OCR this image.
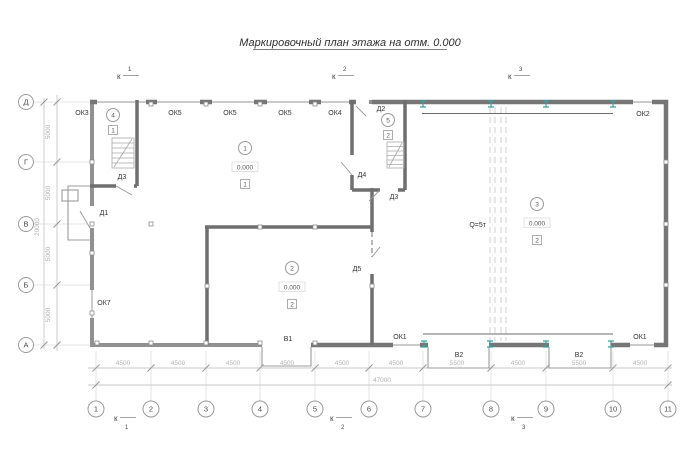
Маркировочный план этажа на отм. 0.000
к
1
к
2
к
3
Д
Г
В
Б
А
5000
5000
5000
5000
20000
4500	4500	4500	4500	4500	4500	5500	4500	5500	4500
47000
1	2	3	4	5	6	7	8	9	10	11
к
1
к
2
к
3
Q=5т
1
0.000
1
2
0.000
2
3
0.000
2
4
1
5
2
ОК3	ОК5	ОК5	ОК5	ОК4
Д2
ОК2
Д3
Д1
Д4
Д3
Д5
ОК7
В1	ОК1
В2	В2
ОК1
